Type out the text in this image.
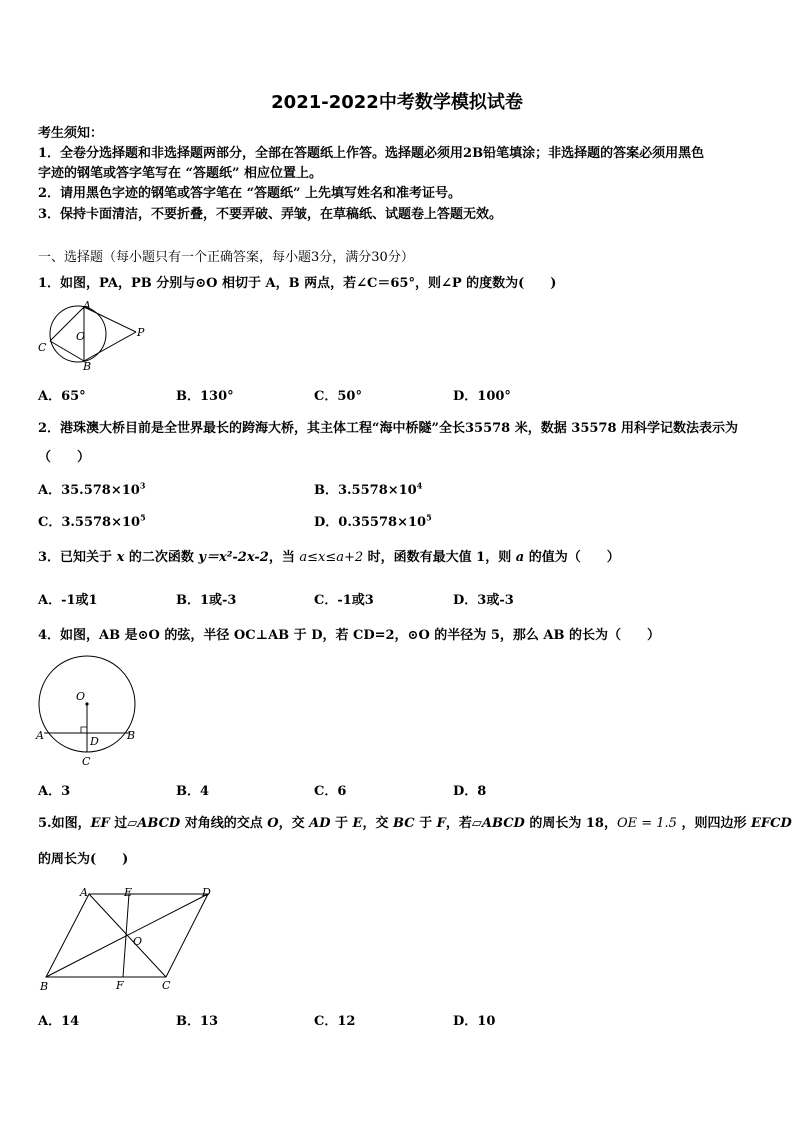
2021-2022中考数学模拟试卷
考生须知：
1．全卷分选择题和非选择题两部分，全部在答题纸上作答。选择题必须用2B铅笔填涂；非选择题的答案必须用黑色
字迹的钢笔或答字笔写在 “答题纸” 相应位置上。
2．请用黑色字迹的钢笔或答字笔在 “答题纸” 上先填写姓名和准考证号。
3．保持卡面清洁，不要折叠，不要弄破、弄皱，在草稿纸、试题卷上答题无效。
一、选择题（每小题只有一个正确答案，每小题3分，满分30分）
1．如图，PA，PB 分别与⊙O 相切于 A，B 两点，若∠C＝65°，则∠P 的度数为(　　)
A
B
C
O	P
A．65°	B．130°	C．50°	D．100°
2．港珠澳大桥目前是全世界最长的跨海大桥，其主体工程“海中桥隧”全长35578 米，数据 35578 用科学记数法表示为
（　　）
A．$35.578\times 10^3$	B．$3.5578\times 10^4$
C．$3.5578\times 10^5$	D．$0.35578\times 10^5$
3．已知关于 x 的二次函数 y＝x²-2x-2，当 a≤x≤a+2 时，函数有最大值 1，则 a 的值为（　　）
A．-1或1	B．1或-3	C．-1或3	D．3或-3
4．如图，AB 是⊙O 的弦，半径 OC⊥AB 于 D，若 CD=2，⊙O 的半径为 5，那么 AB 的长为（　　）
O
A	B
D
C
A．3	B．4	C．6	D．8
5.如图，EF 过▱ABCD 对角线的交点 O，交 AD 于 E，交 BC 于 F，若▱ABCD 的周长为 18，OE = 1.5 ，则四边形 EFCD
的周长为(　　)
A	E	D
O
B	F	C
A．14	B．13	C．12	D．10
